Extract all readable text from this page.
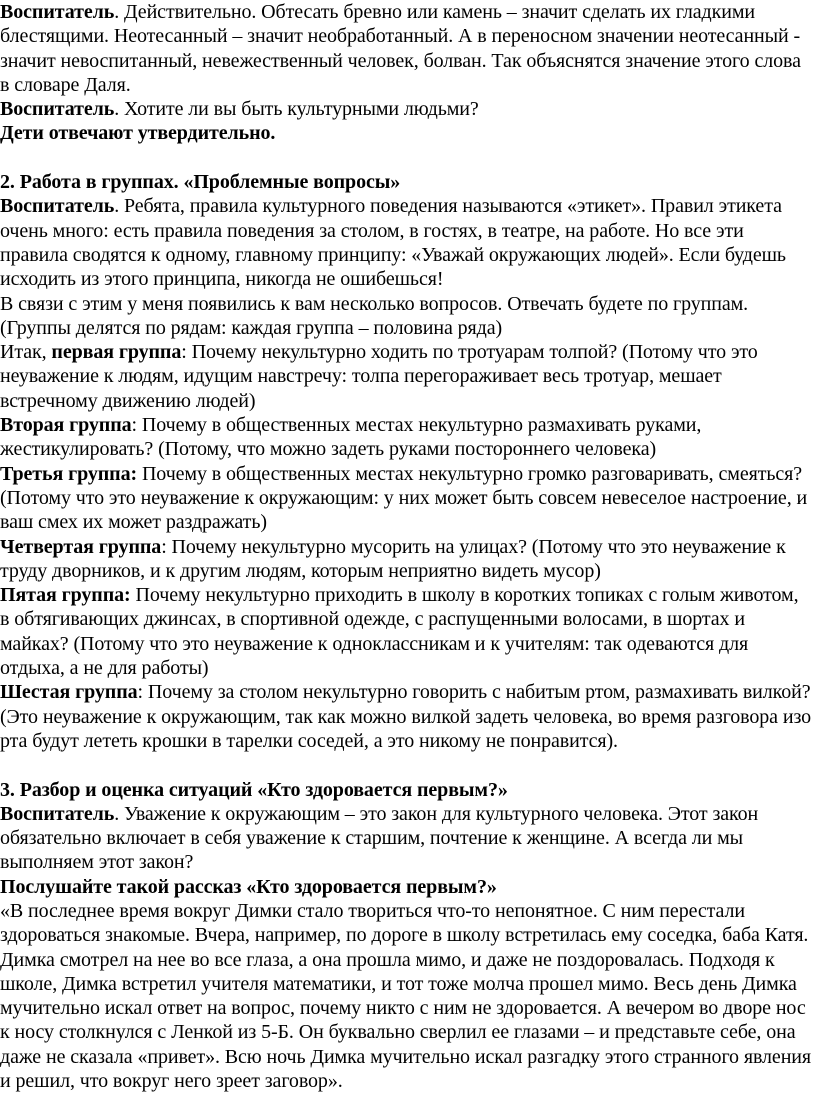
Воспитатель. Действительно. Обтесать бревно или камень – значит сделать их гладкими блестящими. Неотесанный – значит необработанный. А в переносном значении неотесанный - значит невоспитанный, невежественный человек, болван. Так объяснятся значение этого слова в словаре Даля.

Воспитатель. Хотите ли вы быть культурными людьми?

Дети отвечают утвердительно.

2. Работа в группах. «Проблемные вопросы»

Воспитатель. Ребята, правила культурного поведения называются «этикет». Правил этикета очень много: есть правила поведения за столом, в гостях, в театре, на работе. Но все эти правила сводятся к одному, главному принципу: «Уважай окружающих людей». Если будешь исходить из этого принципа, никогда не ошибешься!

В связи с этим у меня появились к вам несколько вопросов. Отвечать будете по группам. (Группы делятся по рядам: каждая группа – половина ряда)

Итак, первая группа: Почему некультурно ходить по тротуарам толпой? (Потому что это неуважение к людям, идущим навстречу: толпа перегораживает весь тротуар, мешает встречному движению людей)

Вторая группа: Почему в общественных местах некультурно размахивать руками, жестикулировать? (Потому, что можно задеть руками постороннего человека)

Третья группа: Почему в общественных местах некультурно громко разговаривать, смеяться? (Потому что это неуважение к окружающим: у них может быть совсем невеселое настроение, и ваш смех их может раздражать)

Четвертая группа: Почему некультурно мусорить на улицах? (Потому что это неуважение к труду дворников, и к другим людям, которым неприятно видеть мусор)

Пятая группа: Почему некультурно приходить в школу в коротких топиках с голым животом, в обтягивающих джинсах, в спортивной одежде, с распущенными волосами, в шортах и майках? (Потому что это неуважение к одноклассникам и к учителям: так одеваются для отдыха, а не для работы)

Шестая группа: Почему за столом некультурно говорить с набитым ртом, размахивать вилкой? (Это неуважение к окружающим, так как можно вилкой задеть человека, во время разговора изо рта будут лететь крошки в тарелки соседей, а это никому не понравится).

3. Разбор и оценка ситуаций «Кто здоровается первым?»

Воспитатель. Уважение к окружающим – это закон для культурного человека. Этот закон обязательно включает в себя уважение к старшим, почтение к женщине. А всегда ли мы выполняем этот закон?

Послушайте такой рассказ «Кто здоровается первым?»

«В последнее время вокруг Димки стало твориться что-то непонятное. С ним перестали здороваться знакомые. Вчера, например, по дороге в школу встретилась ему соседка, баба Катя. Димка смотрел на нее во все глаза, а она прошла мимо, и даже не поздоровалась. Подходя к школе, Димка встретил учителя математики, и тот тоже молча прошел мимо. Весь день Димка мучительно искал ответ на вопрос, почему никто с ним не здоровается. А вечером во дворе нос к носу столкнулся с Ленкой из 5-Б. Он буквально сверлил ее глазами – и представьте себе, она даже не сказала «привет». Всю ночь Димка мучительно искал разгадку этого странного явления и решил, что вокруг него зреет заговор».
